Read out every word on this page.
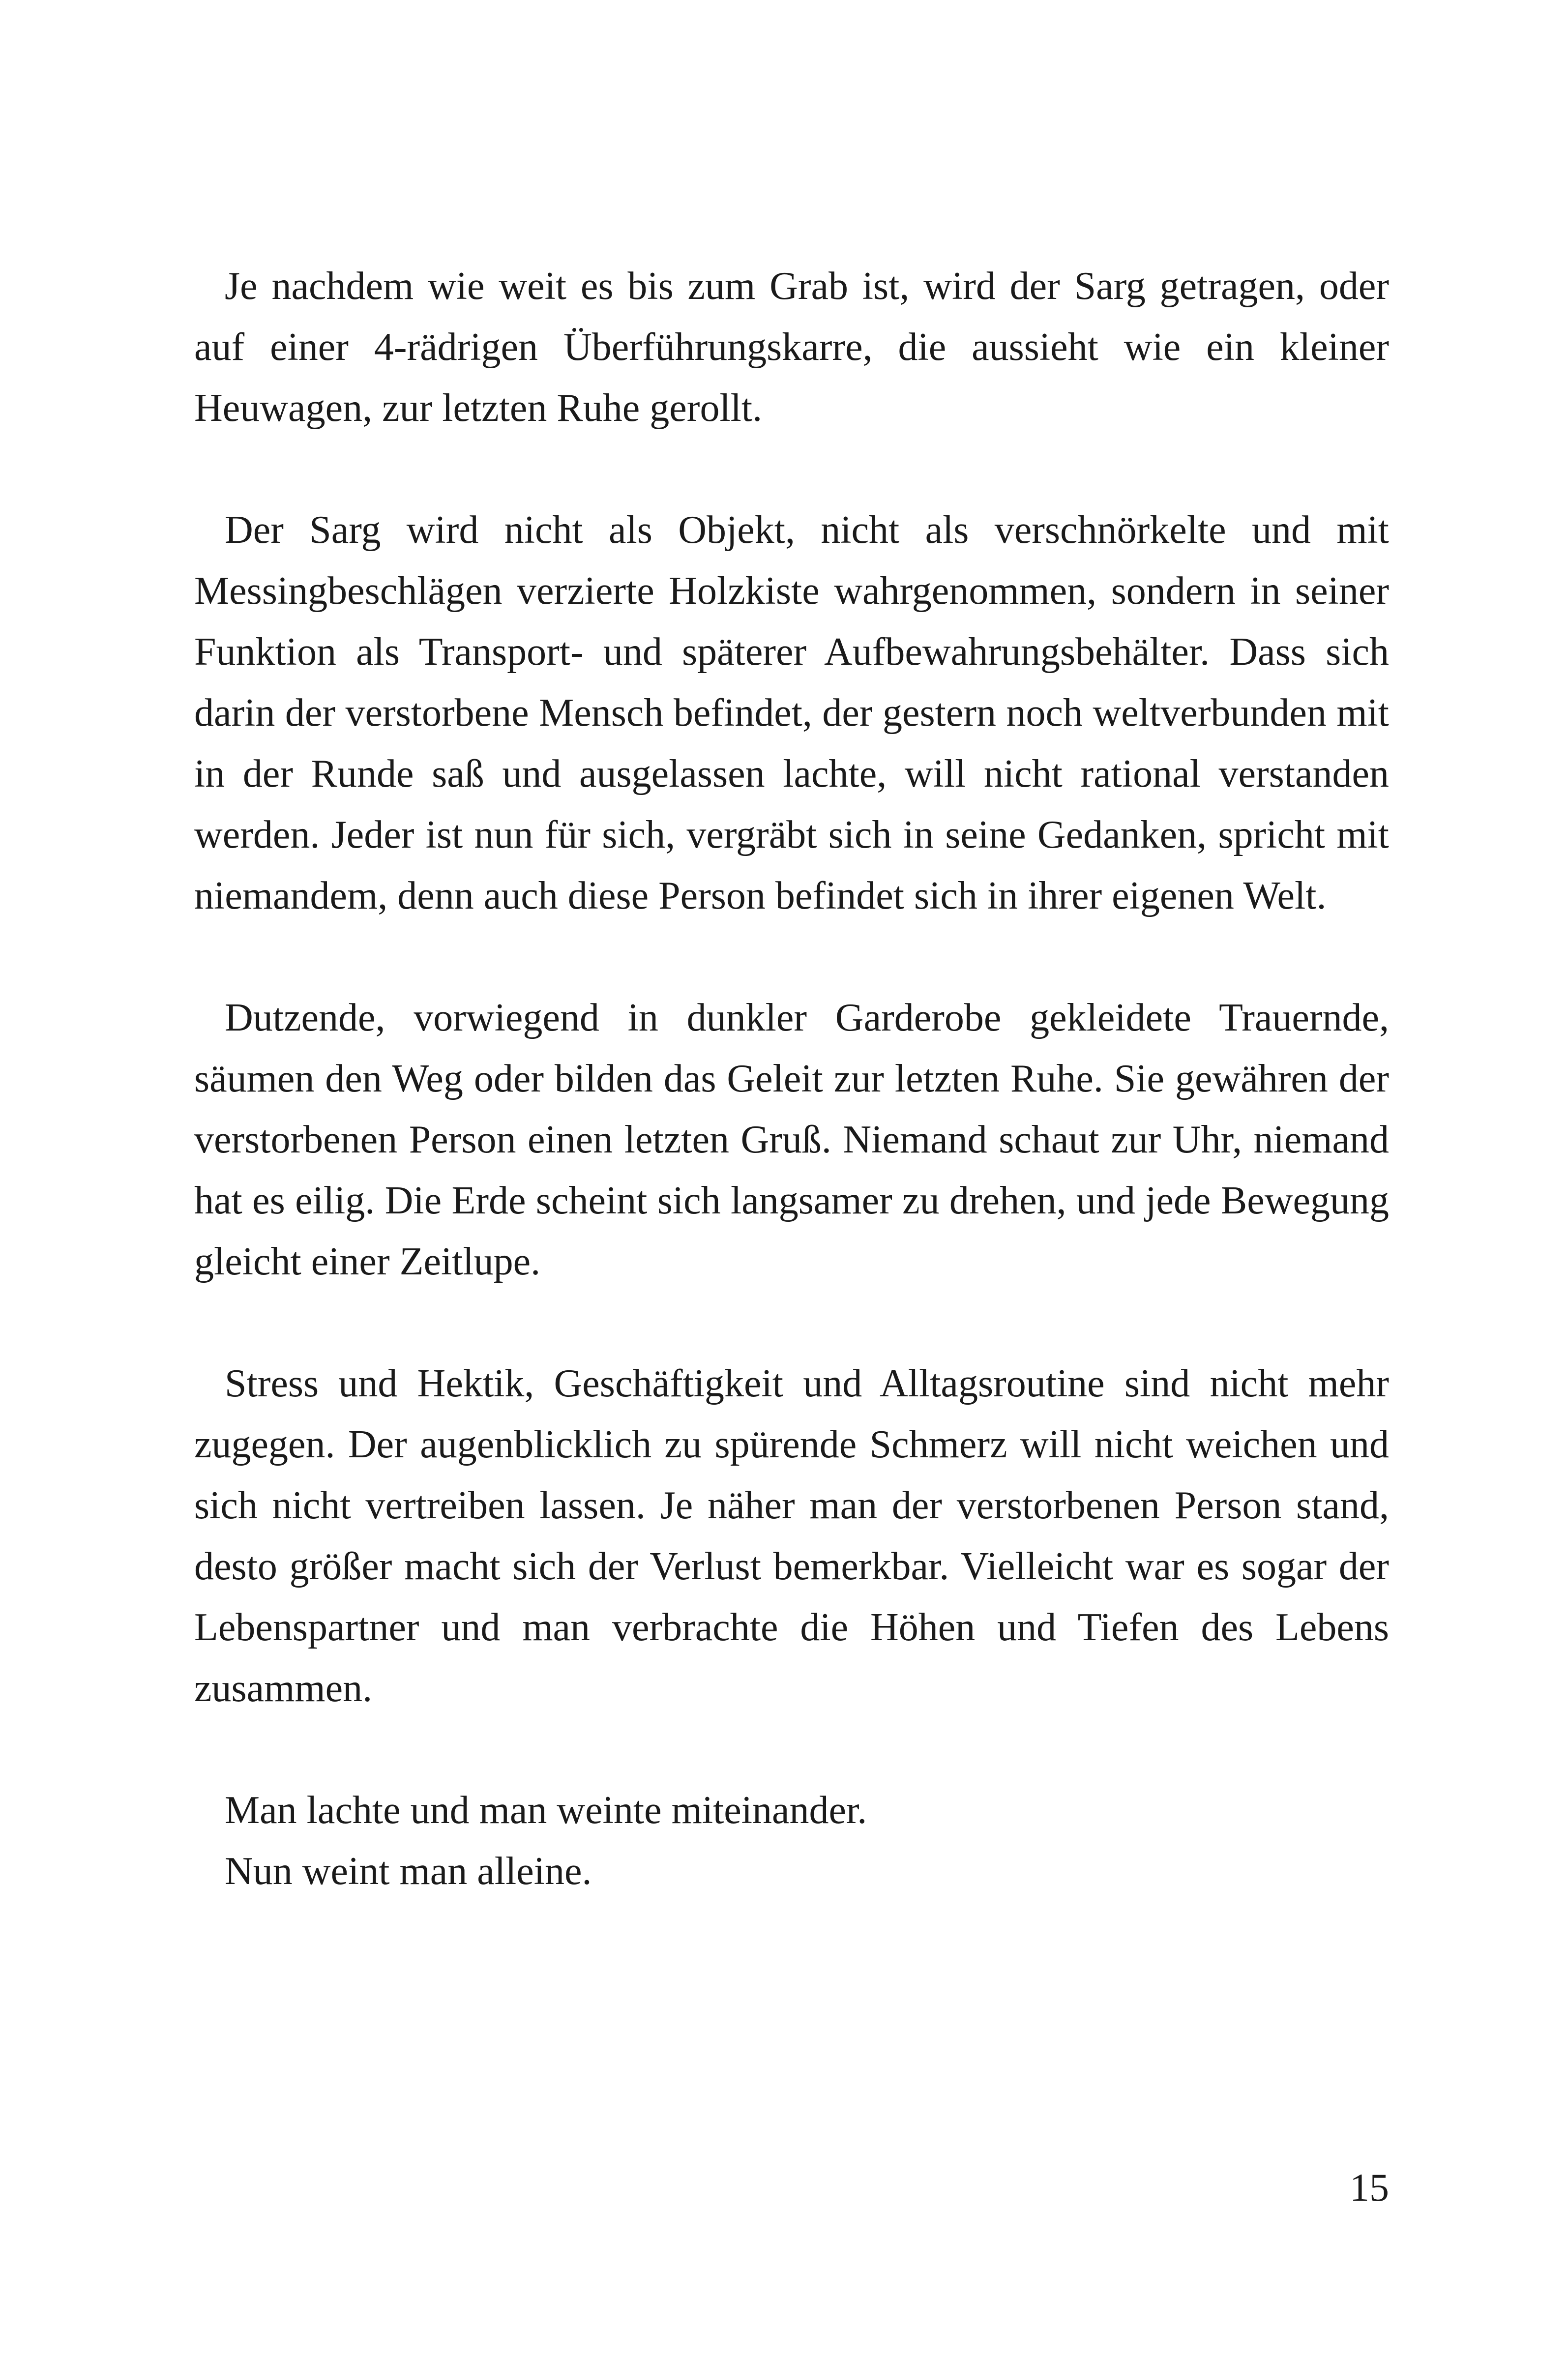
Je nachdem wie weit es bis zum Grab ist, wird der Sarg getragen, oder auf einer 4-rädrigen Überführungskarre, die aussieht wie ein kleiner Heuwagen, zur letzten Ruhe gerollt.

Der Sarg wird nicht als Objekt, nicht als verschnörkelte und mit Messingbeschlägen verzierte Holzkiste wahrgenommen, sondern in seiner Funktion als Transport- und späterer Aufbewahrungsbehälter. Dass sich darin der verstorbene Mensch befindet, der gestern noch weltverbunden mit in der Runde saß und ausgelassen lachte, will nicht rational verstanden werden. Jeder ist nun für sich, vergräbt sich in seine Gedanken, spricht mit niemandem, denn auch diese Person befindet sich in ihrer eigenen Welt.

Dutzende, vorwiegend in dunkler Garderobe gekleidete Trauernde, säumen den Weg oder bilden das Geleit zur letzten Ruhe. Sie gewähren der verstorbenen Person einen letzten Gruß. Niemand schaut zur Uhr, niemand hat es eilig. Die Erde scheint sich langsamer zu drehen, und jede Bewegung gleicht einer Zeitlupe.

Stress und Hektik, Geschäftigkeit und Alltagsroutine sind nicht mehr zugegen. Der augenblicklich zu spürende Schmerz will nicht weichen und sich nicht vertreiben lassen. Je näher man der verstorbenen Person stand, desto größer macht sich der Verlust bemerkbar. Vielleicht war es sogar der Lebenspartner und man verbrachte die Höhen und Tiefen des Lebens zusammen.

Man lachte und man weinte miteinander.
Nun weint man alleine.
15
